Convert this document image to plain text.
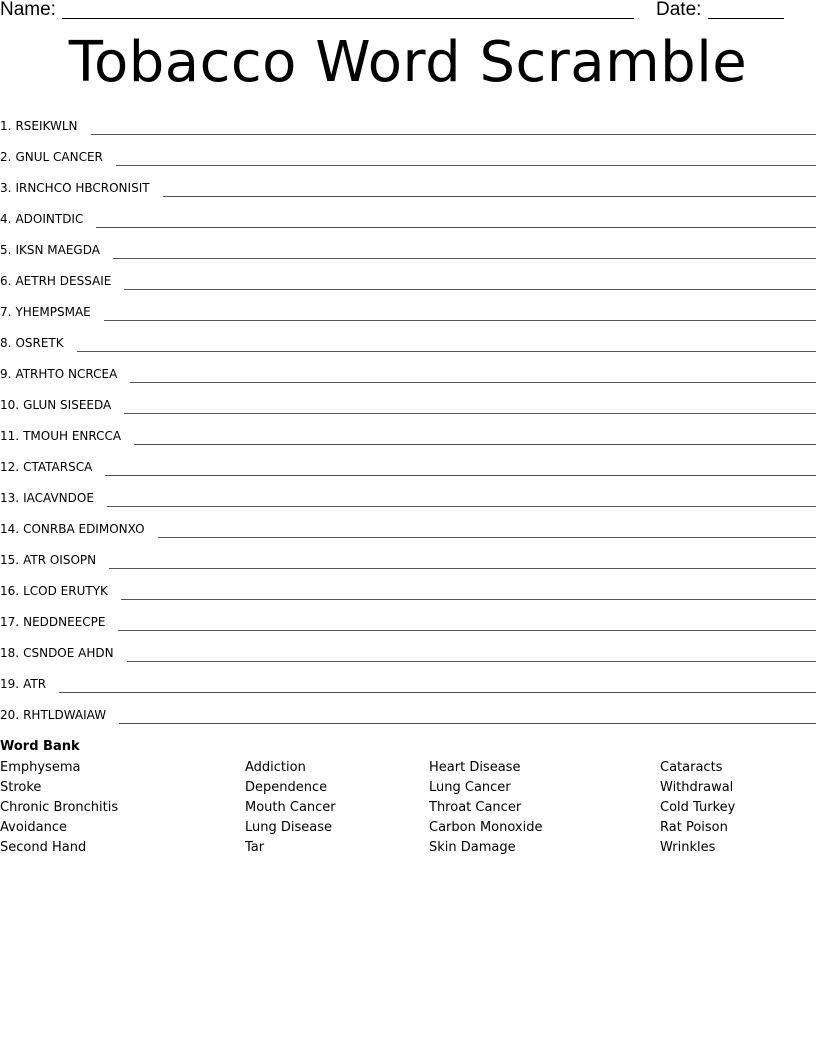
Name:	Date:
Tobacco Word Scramble
1. RSEIKWLN
2. GNUL CANCER
3. IRNCHCO HBCRONISIT
4. ADOINTDIC
5. IKSN MAEGDA
6. AETRH DESSAIE
7. YHEMPSMAE
8. OSRETK
9. ATRHTO NCRCEA
10. GLUN SISEEDA
11. TMOUH ENRCCA
12. CTATARSCA
13. IACAVNDOE
14. CONRBA EDIMONXO
15. ATR OISOPN
16. LCOD ERUTYK
17. NEDDNEECPE
18. CSNDOE AHDN
19. ATR
20. RHTLDWAIAW
Word Bank
Emphysema
Stroke
Chronic Bronchitis
Avoidance
Second Hand
Addiction
Dependence
Mouth Cancer
Lung Disease
Tar
Heart Disease
Lung Cancer
Throat Cancer
Carbon Monoxide
Skin Damage
Cataracts
Withdrawal
Cold Turkey
Rat Poison
Wrinkles
